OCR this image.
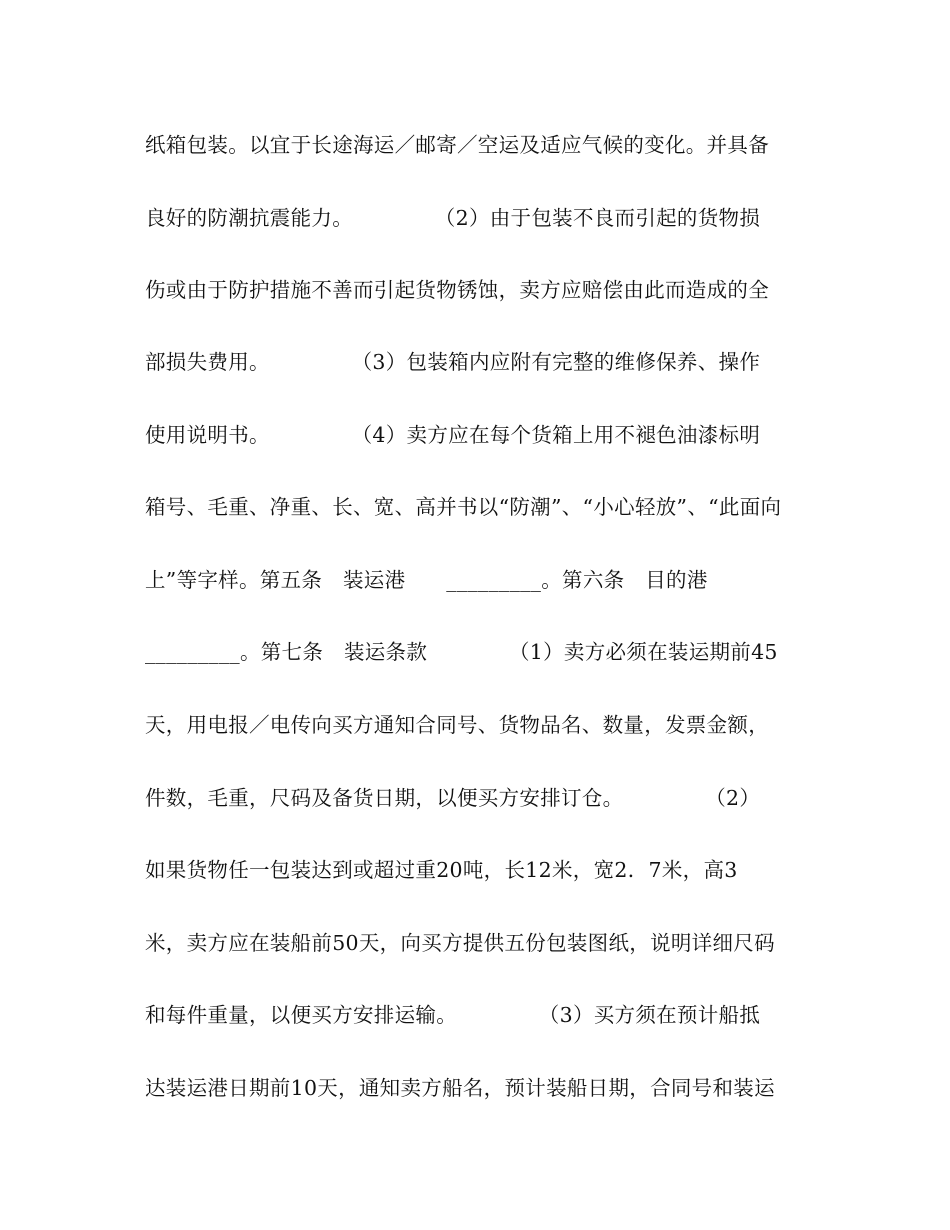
纸箱包装。以宜于长途海运／邮寄／空运及适应气候的变化。并具备
良好的防潮抗震能力。            （2）由于包装不良而引起的货物损
伤或由于防护措施不善而引起货物锈蚀，卖方应赔偿由此而造成的全
部损失费用。            （3）包装箱内应附有完整的维修保养、操作
使用说明书。            （4）卖方应在每个货箱上用不褪色油漆标明
箱号、毛重、净重、长、宽、高并书以“防潮”、“小心轻放”、“此面向
上”等字样。第五条　装运港      _________。第六条　目的港
_________。第七条　装运条款            （1）卖方必须在装运期前45
天，用电报／电传向买方通知合同号、货物品名、数量，发票金额，
件数，毛重，尺码及备货日期，以便买方安排订仓。            （2）
如果货物任一包装达到或超过重20吨，长12米，宽2．7米，高3
米，卖方应在装船前50天，向买方提供五份包装图纸，说明详细尺码
和每件重量，以便买方安排运输。            （3）买方须在预计船抵
达装运港日期前10天，通知卖方船名，预计装船日期，合同号和装运
